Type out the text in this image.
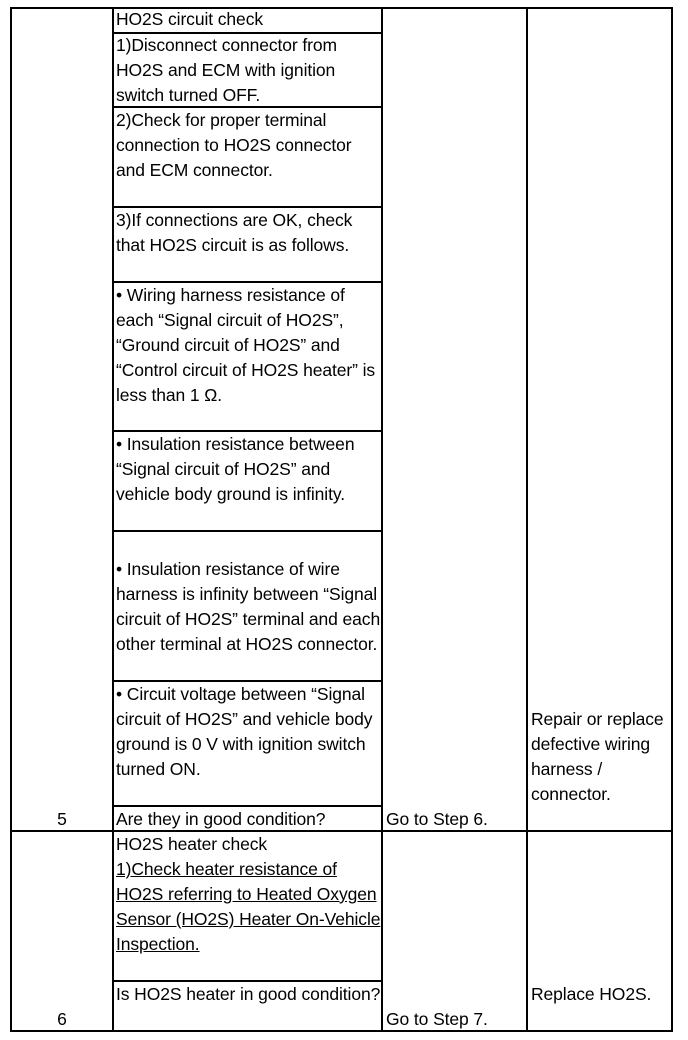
5
HO2S circuit check
1)Disconnect connector from HO2S and ECM with ignition switch turned OFF.
2)Check for proper terminal connection to HO2S connector and ECM connector.
3)If connections are OK, check that HO2S circuit is as follows.
• Wiring harness resistance of each “Signal circuit of HO2S”, “Ground circuit of HO2S” and “Control circuit of HO2S heater” is less than 1 Ω.
• Insulation resistance between “Signal circuit of HO2S” and vehicle body ground is infinity.
• Insulation resistance of wire harness is infinity between “Signal circuit of HO2S” terminal and each other terminal at HO2S connector.
• Circuit voltage between “Signal circuit of HO2S” and vehicle body ground is 0 V with ignition switch turned ON.
Are they in good condition?	Go to Step 6.
Repair or replace defective wiring harness / connector.
6
HO2S heater check
1)Check heater resistance of HO2S referring to Heated Oxygen Sensor (HO2S) Heater On-Vehicle Inspection.
Is HO2S heater in good condition?
Go to Step 7.
Replace HO2S.
